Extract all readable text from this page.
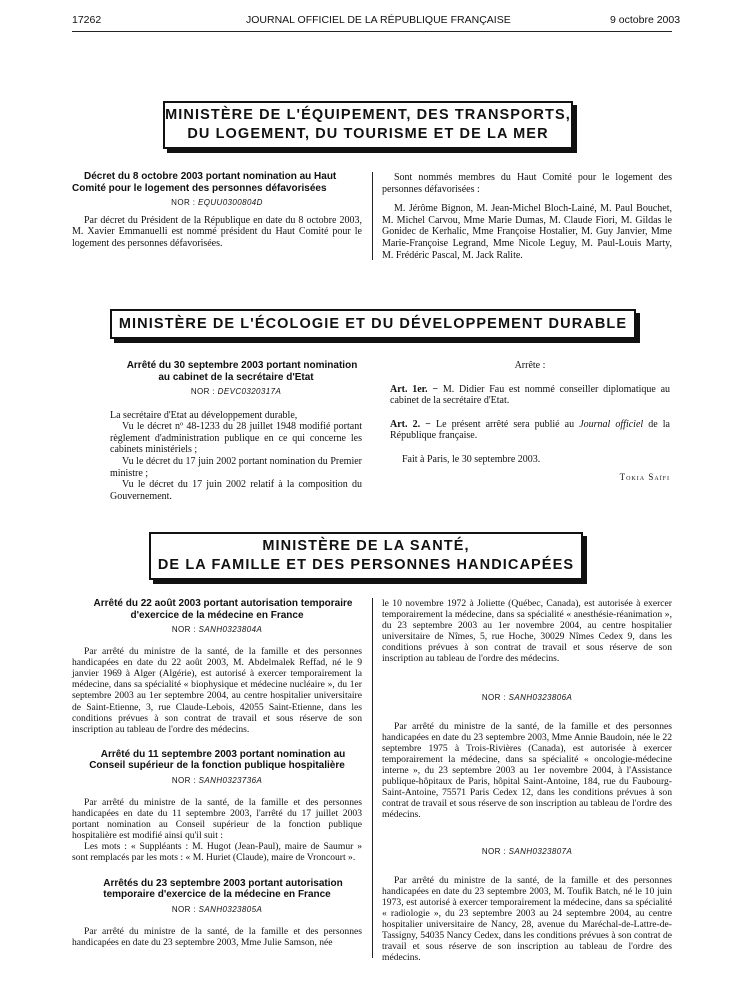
17262	JOURNAL OFFICIEL DE LA RÉPUBLIQUE FRANÇAISE	9 octobre 2003
MINISTÈRE DE L'ÉQUIPEMENT, DES TRANSPORTS,
DU LOGEMENT, DU TOURISME ET DE LA MER

Décret du 8 octobre 2003 portant nomination au Haut Comité pour le logement des personnes défavorisées

NOR : EQUU0300804D

Par décret du Président de la République en date du 8 octobre 2003, M. Xavier Emmanuelli est nommé président du Haut Comité pour le logement des personnes défavorisées.

Sont nommés membres du Haut Comité pour le logement des personnes défavorisées :

M. Jérôme Bignon, M. Jean-Michel Bloch-Lainé, M. Paul Bouchet, M. Michel Carvou, Mme Marie Dumas, M. Claude Fiori, M. Gildas le Gonidec de Kerhalic, Mme Françoise Hostalier, M. Guy Janvier, Mme Marie-Françoise Legrand, Mme Nicole Leguy, M. Paul-Louis Marty, M. Frédéric Pascal, M. Jack Ralite.

MINISTÈRE DE L'ÉCOLOGIE ET DU DÉVELOPPEMENT DURABLE

Arrêté du 30 septembre 2003 portant nomination au cabinet de la secrétaire d'Etat

NOR : DEVC0320317A

La secrétaire d'Etat au développement durable,

Vu le décret nº 48-1233 du 28 juillet 1948 modifié portant règlement d'administration publique en ce qui concerne les cabinets ministériels ;

Vu le décret du 17 juin 2002 portant nomination du Premier ministre ;

Vu le décret du 17 juin 2002 relatif à la composition du Gouvernement.

Arrête :

Art. 1er. − M. Didier Fau est nommé conseiller diplomatique au cabinet de la secrétaire d'Etat.

Art. 2. − Le présent arrêté sera publié au Journal officiel de la République française.

Fait à Paris, le 30 septembre 2003.

Tokia Saïfi
MINISTÈRE DE LA SANTÉ,
DE LA FAMILLE ET DES PERSONNES HANDICAPÉES

Arrêté du 22 août 2003 portant autorisation temporaire d'exercice de la médecine en France

NOR : SANH0323804A

Par arrêté du ministre de la santé, de la famille et des personnes handicapées en date du 22 août 2003, M. Abdelmalek Reffad, né le 9 janvier 1969 à Alger (Algérie), est autorisé à exercer temporairement la médecine, dans sa spécialité « biophysique et médecine nucléaire », du 1er septembre 2003 au 1er septembre 2004, au centre hospitalier universitaire de Saint-Etienne, 3, rue Claude-Lebois, 42055 Saint-Etienne, dans les conditions prévues à son contrat de travail et sous réserve de son inscription au tableau de l'ordre des médecins.

Arrêté du 11 septembre 2003 portant nomination au Conseil supérieur de la fonction publique hospitalière

NOR : SANH0323736A

Par arrêté du ministre de la santé, de la famille et des personnes handicapées en date du 11 septembre 2003, l'arrêté du 17 juillet 2003 portant nomination au Conseil supérieur de la fonction publique hospitalière est modifié ainsi qu'il suit :

Les mots : « Suppléants : M. Hugot (Jean-Paul), maire de Saumur » sont remplacés par les mots : « M. Huriet (Claude), maire de Vroncourt ».

Arrêtés du 23 septembre 2003 portant autorisation temporaire d'exercice de la médecine en France

NOR : SANH0323805A

Par arrêté du ministre de la santé, de la famille et des personnes handicapées en date du 23 septembre 2003, Mme Julie Samson, née

le 10 novembre 1972 à Joliette (Québec, Canada), est autorisée à exercer temporairement la médecine, dans sa spécialité « anesthésie-réanimation », du 23 septembre 2003 au 1er novembre 2004, au centre hospitalier universitaire de Nîmes, 5, rue Hoche, 30029 Nîmes Cedex 9, dans les conditions prévues à son contrat de travail et sous réserve de son inscription au tableau de l'ordre des médecins.

NOR : SANH0323806A

Par arrêté du ministre de la santé, de la famille et des personnes handicapées en date du 23 septembre 2003, Mme Annie Baudoin, née le 22 septembre 1975 à Trois-Rivières (Canada), est autorisée à exercer temporairement la médecine, dans sa spécialité « oncologie-médecine interne », du 23 septembre 2003 au 1er novembre 2004, à l'Assistance publique-hôpitaux de Paris, hôpital Saint-Antoine, 184, rue du Faubourg-Saint-Antoine, 75571 Paris Cedex 12, dans les conditions prévues à son contrat de travail et sous réserve de son inscription au tableau de l'ordre des médecins.

NOR : SANH0323807A

Par arrêté du ministre de la santé, de la famille et des personnes handicapées en date du 23 septembre 2003, M. Toufik Batch, né le 10 juin 1973, est autorisé à exercer temporairement la médecine, dans sa spécialité « radiologie », du 23 septembre 2003 au 24 septembre 2004, au centre hospitalier universitaire de Nancy, 28, avenue du Maréchal-de-Lattre-de-Tassigny, 54035 Nancy Cedex, dans les conditions prévues à son contrat de travail et sous réserve de son inscription au tableau de l'ordre des médecins.
